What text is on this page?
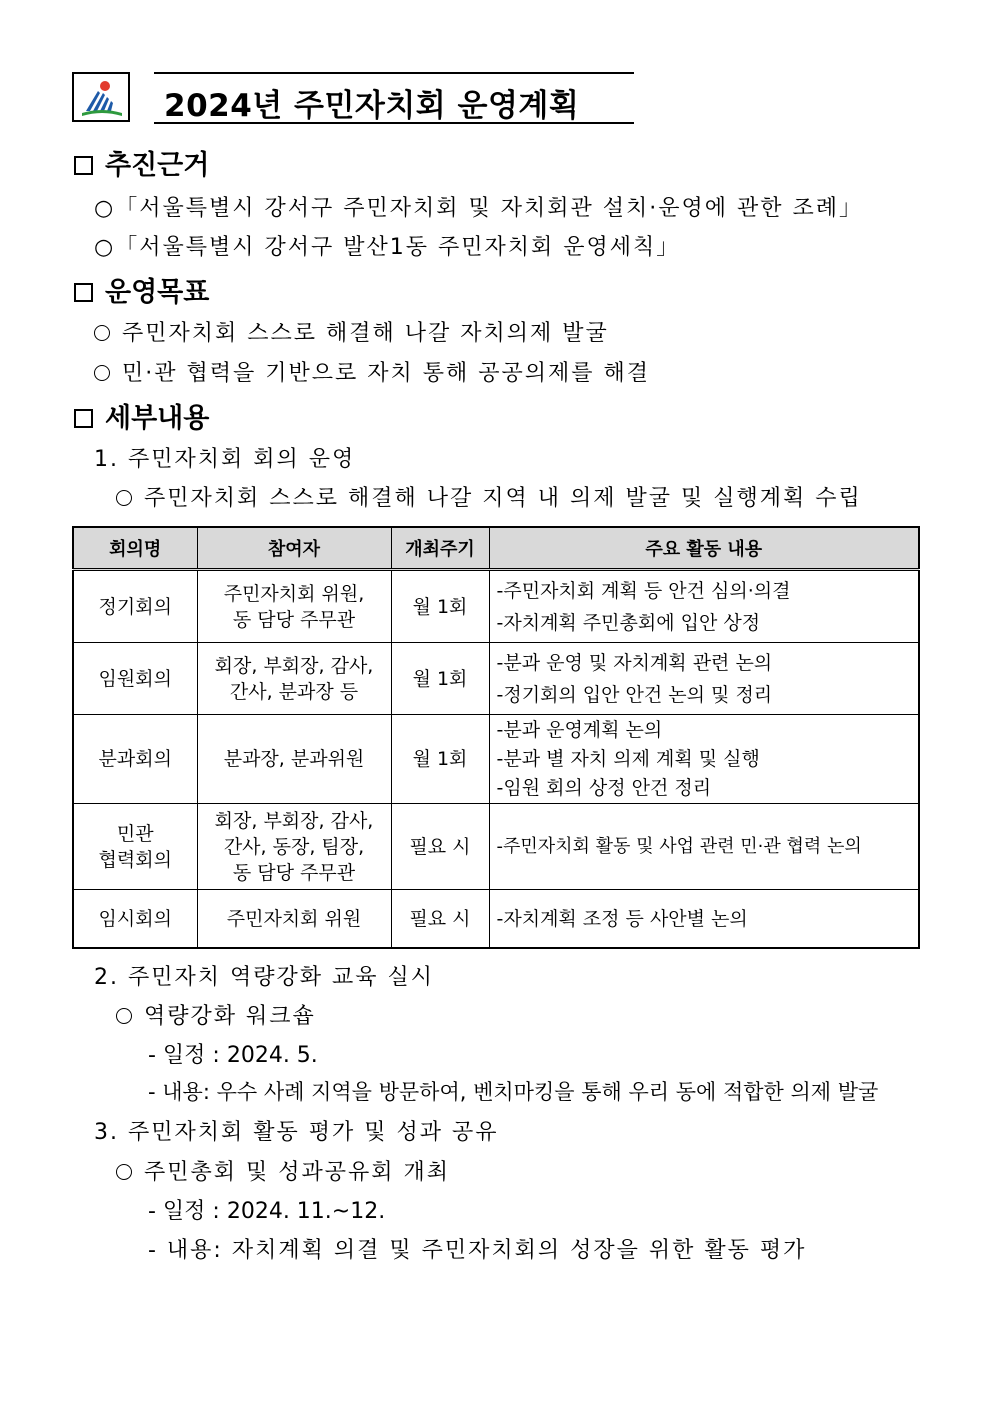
2024년 주민자치회 운영계획
추진근거
○「서울특별시 강서구 주민자치회 및 자치회관 설치·운영에 관한 조례」
○「서울특별시 강서구 발산1동 주민자치회 운영세칙」
운영목표
주민자치회 스스로 해결해 나갈 자치의제 발굴
민·관 협력을 기반으로 자치 통해 공공의제를 해결
세부내용
1. 주민자치회 회의 운영
주민자치회 스스로 해결해 나갈 지역 내 의제 발굴 및 실행계획 수립
회의명	참여자	개최주기	주요 활동 내용

정기회의	주민자치회 위원,
동 담당 주무관	월 1회	-주민자치회 계획 등 안건 심의·의결
-자치계획 주민총회에 입안 상정

임원회의	회장, 부회장, 감사,
간사, 분과장 등	월 1회	-분과 운영 및 자치계획 관련 논의
-정기회의 입안 안건 논의 및 정리

분과회의	분과장, 분과위원	월 1회	-분과 운영계획 논의
-분과 별 자치 의제 계획 및 실행
-임원 회의 상정 안건 정리

민관
협력회의	회장, 부회장, 감사,
간사, 동장, 팀장,
동 담당 주무관	필요 시	-주민자치회 활동 및 사업 관련 민·관 협력 논의

임시회의	주민자치회 위원	필요 시	-자치계획 조정 등 사안별 논의
2. 주민자치 역량강화 교육 실시
역량강화 워크숍
- 일정 : 2024. 5.
- 내용: 우수 사례 지역을 방문하여, 벤치마킹을 통해 우리 동에 적합한 의제 발굴
3. 주민자치회 활동 평가 및 성과 공유
주민총회 및 성과공유회 개최
- 일정 : 2024. 11.~12.
- 내용: 자치계획 의결 및 주민자치회의 성장을 위한 활동 평가
